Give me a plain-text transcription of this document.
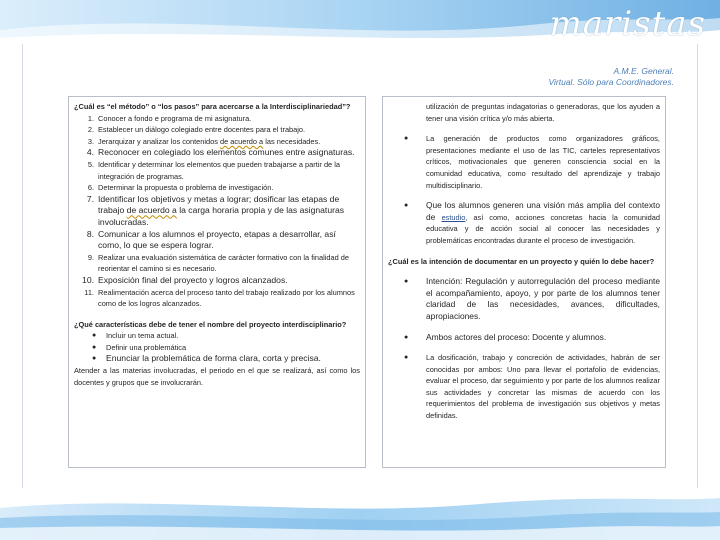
maristas
A.M.E. General.
Virtual. Sólo para Coordinadores.
¿Cuál es “el método” o “los pasos” para acercarse a la Interdisciplinariedad”?
1. Conocer a fondo e programa de mi asignatura.
2. Establecer un diálogo colegiado entre docentes para el trabajo.
3. Jerarquizar y analizar los contenidos de acuerdo a las necesidades.
4. Reconocer en colegiado los elementos comunes entre asignaturas.
5. Identificar y determinar los elementos que pueden trabajarse a partir de la integración de programas.
6. Determinar la propuesta o problema de investigación.
7. Identificar los objetivos y metas a lograr; dosificar las etapas de trabajo de acuerdo a la carga horaria propia y de las asignaturas involucradas.
8. Comunicar a los alumnos el proyecto, etapas a desarrollar, así como, lo que se espera lograr.
9. Realizar una evaluación sistemática de carácter formativo con la finalidad de reorientar el camino si es necesario.
10. Exposición final del proyecto y logros alcanzados.
11. Realimentación acerca del proceso tanto del trabajo realizado por los alumnos como de los logros alcanzados.
¿Qué características debe de tener el nombre del proyecto interdisciplinario?
● Incluir un tema actual.
● Definir una problemática
● Enunciar la problemática de forma clara, corta y precisa.
Atender a las materias involucradas, el periodo en el que se realizará, así como los docentes y grupos que se involucrarán.
utilización de preguntas indagatorias o generadoras, que los ayuden a tener una visión crítica y/o más abierta.
● La generación de productos como organizadores gráficos, presentaciones mediante el uso de las TIC, carteles representativos críticos, motivacionales que generen consciencia social en la comunidad educativa, como resultado del aprendizaje y trabajo multidisciplinario.
● Que los alumnos generen una visión más amplia del contexto de estudio, así como, acciones concretas hacia la comunidad educativa y de acción social al conocer las necesidades y problemáticas encontradas durante el proceso de investigación.
¿Cuál es la intención de documentar en un proyecto y quién lo debe hacer?
● Intención: Regulación y autorregulación del proceso mediante el acompañamiento, apoyo, y por parte de los alumnos tener claridad de las necesidades, avances, dificultades, apropiaciones.
● Ambos actores del proceso: Docente y alumnos.
● La dosificación, trabajo y concreción de actividades, habrán de ser conocidas por ambos: Uno para llevar el portafolio de evidencias, evaluar el proceso, dar seguimiento y por parte de los alumnos realizar sus actividades y concretar las mismas de acuerdo con los requerimientos del problema de investigación sus objetivos y metas definidas.
